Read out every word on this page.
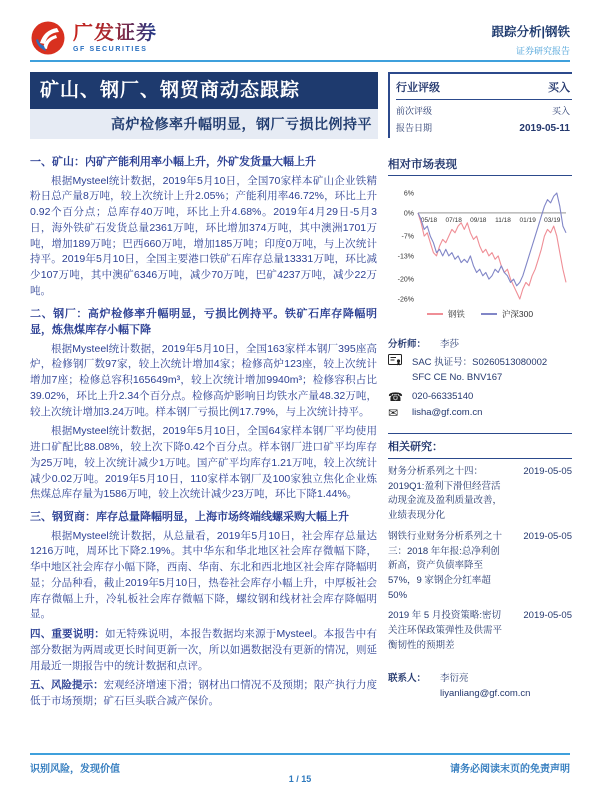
广发证券
GF SECURITIES
跟踪分析|钢铁
证券研究报告
矿山、钢厂、钢贸商动态跟踪
高炉检修率升幅明显，钢厂亏损比例持平
一、矿山：内矿产能利用率小幅上升，外矿发货量大幅上升

根据Mysteel统计数据，2019年5月10日，全国70家样本矿山企业铁精粉日总产量8万吨，较上次统计上升2.05%；产能利用率46.72%，环比上升0.92个百分点；总库存40万吨，环比上升4.68%。2019年4月29日-5月3日，海外铁矿石发货总量2361万吨，环比增加374万吨，其中澳洲1701万吨，增加189万吨；巴西660万吨，增加185万吨；印度0万吨，与上次统计持平。2019年5月10日，全国主要港口铁矿石库存总量13331万吨，环比减少107万吨，其中澳矿6346万吨，减少70万吨，巴矿4237万吨，减少22万吨。

二、钢厂：高炉检修率升幅明显，亏损比例持平。铁矿石库存降幅明显，炼焦煤库存小幅下降

根据Mysteel统计数据，2019年5月10日，全国163家样本钢厂395座高炉，检修钢厂数97家，较上次统计增加4家；检修高炉123座，较上次统计增加7座；检修总容积165649m³，较上次统计增加9940m³；检修容积占比39.02%，环比上升2.34个百分点。检修高炉影响日均铁水产量48.32万吨，较上次统计增加3.24万吨。样本钢厂亏损比例17.79%，与上次统计持平。

根据Mysteel统计数据，2019年5月10日，全国64家样本钢厂平均使用进口矿配比88.08%，较上次下降0.42个百分点。样本钢厂进口矿平均库存为25万吨，较上次统计减少1万吨。国产矿平均库存1.21万吨，较上次统计减少0.02万吨。2019年5月10日，110家样本钢厂及100家独立焦化企业炼焦煤总库存量为1586万吨，较上次统计减少23万吨，环比下降1.44%。

三、钢贸商：库存总量降幅明显，上海市场终端线螺采购大幅上升

根据Mysteel统计数据，从总量看，2019年5月10日，社会库存总量达1216万吨，周环比下降2.19%。其中华东和华北地区社会库存微幅下降，华中地区社会库存小幅下降，西南、华南、东北和西北地区社会库存降幅明显；分品种看，截止2019年5月10日，热卷社会库存小幅上升，中厚板社会库存微幅上升，冷轧板社会库存微幅下降，螺纹钢和线材社会库存降幅明显。

四、重要说明：如无特殊说明，本报告数据均来源于Mysteel。本报告中有部分数据为两周或更长时间更新一次，所以如遇数据没有更新的情况，则延用最近一期报告中的统计数据和点评。

五、风险提示：宏观经济增速下滑；钢材出口情况不及预期；限产执行力度低于市场预期；矿石巨头联合减产保价。

行业评级	买入
前次评级	买入
报告日期	2019-05-11
相对市场表现
6%
0%
-7%
-13%
-20%
-26%
05/18 07/18 09/18 11/18 01/19 03/19
钢铁	沪深300
分析师：	李莎
SAC 执证号：S0260513080002
SFC CE No. BNV167
☎ 020-66335140
✉	lisha@gf.com.cn
相关研究：
财务分析系列之十四：2019Q1:盈利下滑但经营活动现金流及盈利质量改善，业绩表现分化
2019-05-05
钢铁行业财务分析系列之十三：2018 年年报:总净利创新高，资产负债率降至 57%，9 家钢企分红率超 50%
2019-05-05
2019 年 5 月投资策略:密切关注环保政策弹性及供需平衡韧性的预期差
2019-05-05
联系人：	李衍亮
liyanliang@gf.com.cn
识别风险，发现价值	请务必阅读末页的免责声明
1 / 15
